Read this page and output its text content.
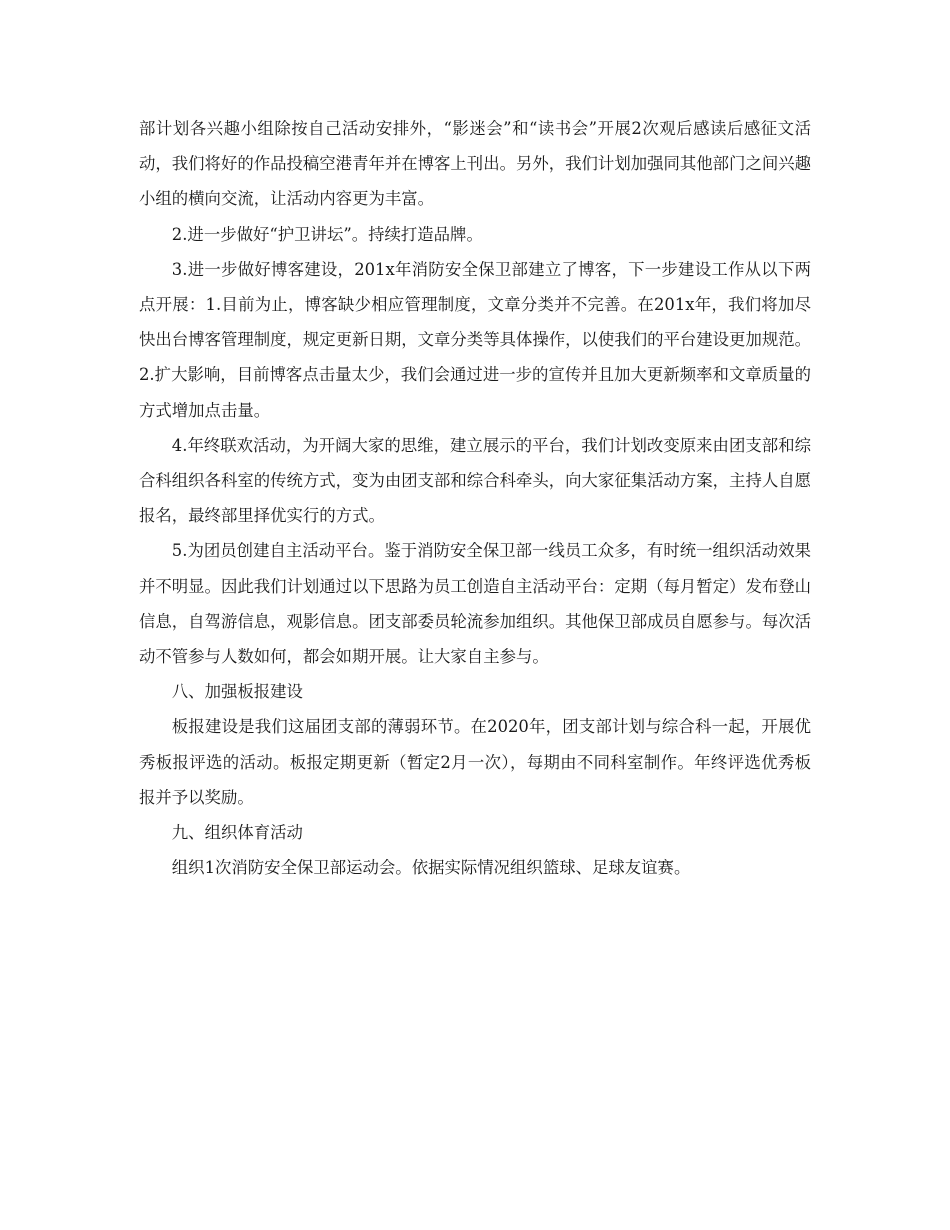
部计划各兴趣小组除按自己活动安排外，“影迷会”和“读书会”开展2次观后感读后感征文活动，我们将好的作品投稿空港青年并在博客上刊出。另外，我们计划加强同其他部门之间兴趣小组的横向交流，让活动内容更为丰富。

2.进一步做好“护卫讲坛”。持续打造品牌。

3.进一步做好博客建设，201x年消防安全保卫部建立了博客，下一步建设工作从以下两点开展：1.目前为止，博客缺少相应管理制度，文章分类并不完善。在201x年，我们将加尽快出台博客管理制度，规定更新日期，文章分类等具体操作，以使我们的平台建设更加规范。2.扩大影响，目前博客点击量太少，我们会通过进一步的宣传并且加大更新频率和文章质量的方式增加点击量。

4.年终联欢活动，为开阔大家的思维，建立展示的平台，我们计划改变原来由团支部和综合科组织各科室的传统方式，变为由团支部和综合科牵头，向大家征集活动方案，主持人自愿报名，最终部里择优实行的方式。

5.为团员创建自主活动平台。鉴于消防安全保卫部一线员工众多，有时统一组织活动效果并不明显。因此我们计划通过以下思路为员工创造自主活动平台：定期（每月暂定）发布登山信息，自驾游信息，观影信息。团支部委员轮流参加组织。其他保卫部成员自愿参与。每次活动不管参与人数如何，都会如期开展。让大家自主参与。

八、加强板报建设

板报建设是我们这届团支部的薄弱环节。在2020年，团支部计划与综合科一起，开展优秀板报评选的活动。板报定期更新（暂定2月一次），每期由不同科室制作。年终评选优秀板报并予以奖励。

九、组织体育活动

组织1次消防安全保卫部运动会。依据实际情况组织篮球、足球友谊赛。
